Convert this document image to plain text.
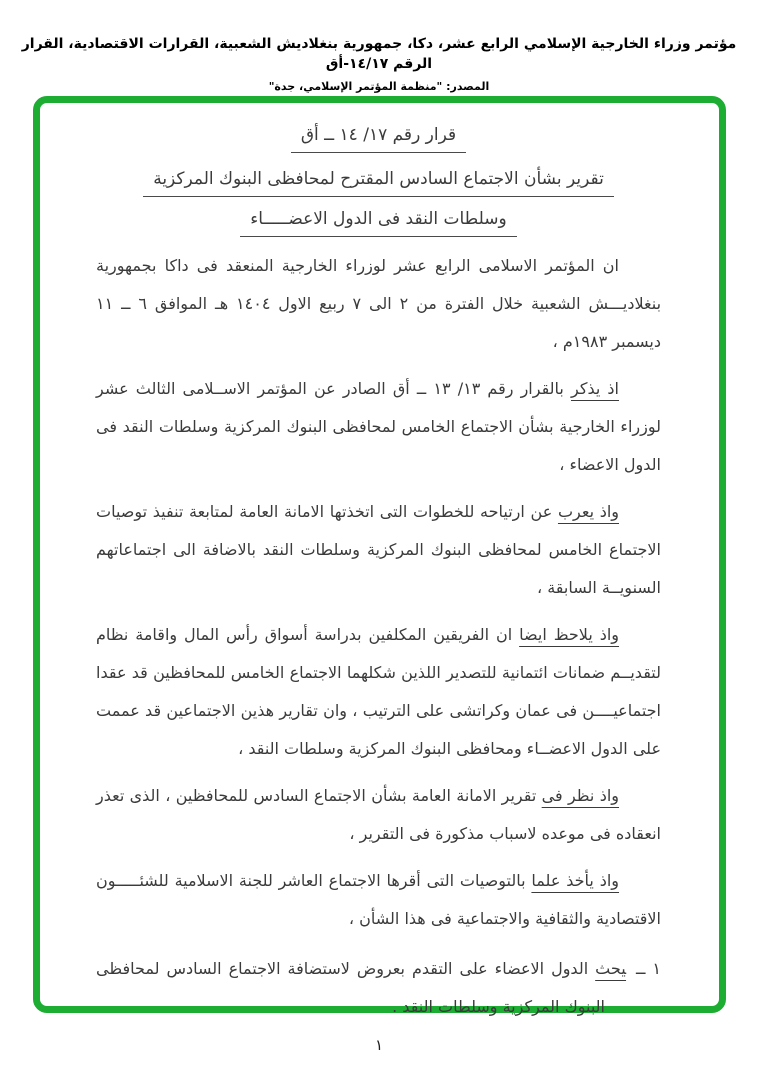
مؤتمر وزراء الخارجية الإسلامي الرابع عشر، دكا، جمهورية بنغلاديش الشعبية، القرارات الاقتصادية، القرار الرقم ١٤/١٧-أق
المصدر: "منظمة المؤتمر الإسلامي، جدة"
قرار رقم ١٧/ ١٤ ــ أق
تقرير بشأن الاجتماع السادس المقترح لمحافظى البنوك المركزية
وسلطات النقد فى الدول الاعضـــــاء

ان المؤتمر الاسلامى الرابع عشر لوزراء الخارجية المنعقد فى داكا بجمهورية بنغلاديـــش الشعبية خلال الفترة من ٢ الى ٧ ربيع الاول ١٤٠٤ هـ الموافق ٦ ــ ١١ ديسمبر ١٩٨٣م ،

اذ يذكر بالقرار رقم ١٣/ ١٣ ــ أق الصادر عن المؤتمر الاســلامى الثالث عشر لوزراء الخارجية بشأن الاجتماع الخامس لمحافظى البنوك المركزية وسلطات النقد فى الدول الاعضاء ،

واذ يعرب عن ارتياحه للخطوات التى اتخذتها الامانة العامة لمتابعة تنفيذ توصيات الاجتماع الخامس لمحافظى البنوك المركزية وسلطات النقد بالاضافة الى اجتماعاتهم السنويــة السابقة ،

واذ يلاحظ ايضا ان الفريقين المكلفين بدراسة أسواق رأس المال واقامة نظام لتقديــم ضمانات ائتمانية للتصدير اللذين شكلهما الاجتماع الخامس للمحافظين قد عقدا اجتماعيــــن فى عمان وكراتشى على الترتيب ، وان تقارير هذين الاجتماعين قد عممت على الدول الاعضــاء ومحافظى البنوك المركزية وسلطات النقد ،

واذ نظر فى تقرير الامانة العامة بشأن الاجتماع السادس للمحافظين ، الذى تعذر انعقاده فى موعده لاسباب مذكورة فى التقرير ،

واذ يأخذ علما بالتوصيات التى أقرها الاجتماع العاشر للجنة الاسلامية للشئـــــون الاقتصادية والثقافية والاجتماعية فى هذا الشأن ،

١ ــيحث الدول الاعضاء على التقدم بعروض لاستضافة الاجتماع السادس لمحافظى البنوك المركزية وسلطات النقد .

١
